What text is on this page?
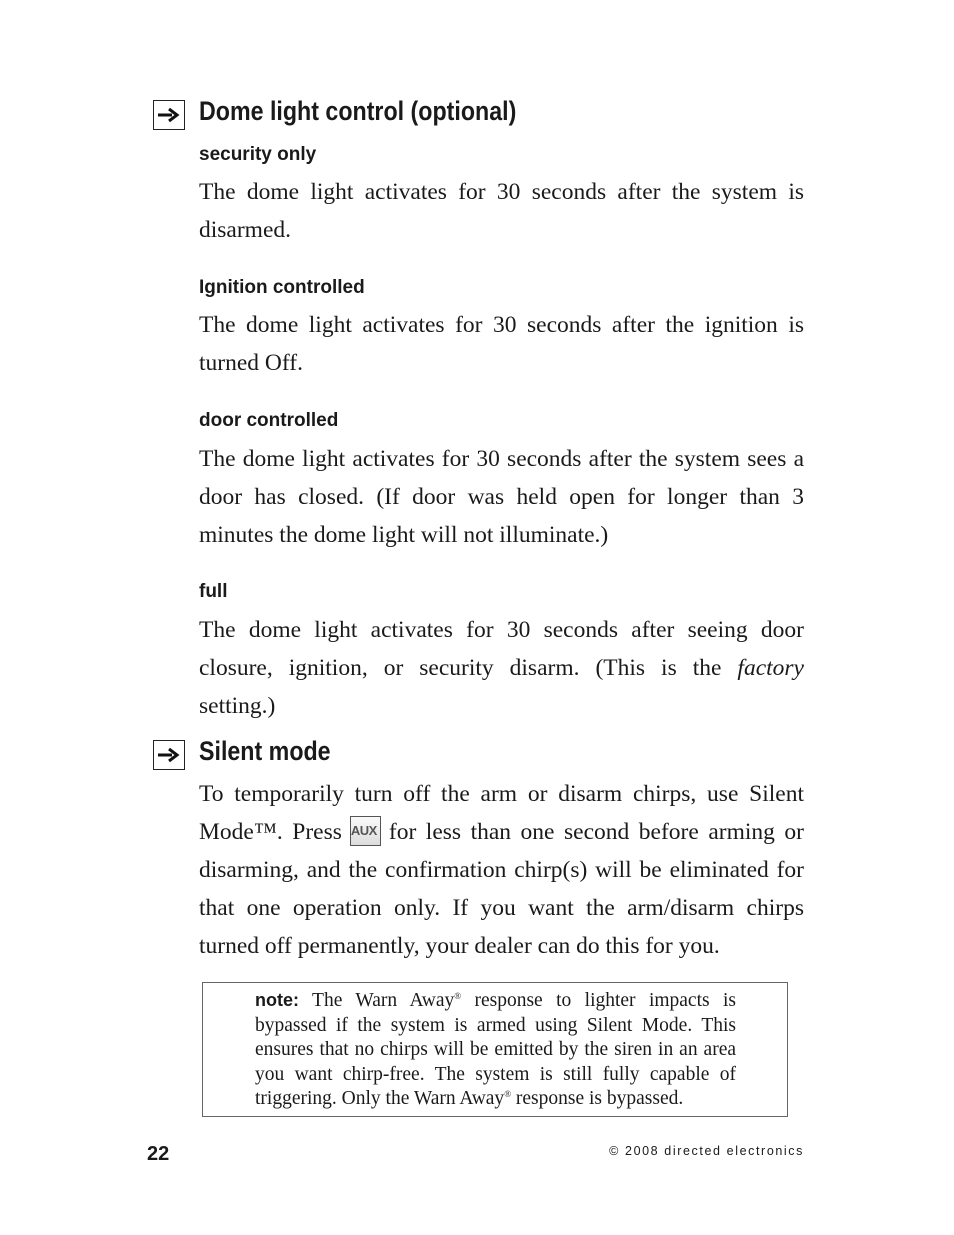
Dome light control (optional)
security only

The dome light activates for 30 seconds after the system is disarmed.

Ignition controlled

The dome light activates for 30 seconds after the ignition is turned Off.

door controlled

The dome light activates for 30 seconds after the system sees a door has closed. (If door was held open for longer than 3 minutes the dome light will not illuminate.)

full

The dome light activates for 30 seconds after seeing door closure, ignition, or security disarm. (This is the factory setting.)

Silent mode

To temporarily turn off the arm or disarm chirps, use Silent Mode™. Press AUX for less than one second before arming or disarming, and the confirmation chirp(s) will be eliminated for that one operation only. If you want the arm/disarm chirps turned off permanently, your dealer can do this for you.

note: The Warn Away® response to lighter impacts is bypassed if the system is armed using Silent Mode. This ensures that no chirps will be emitted by the siren in an area you want chirp-free. The system is still fully capable of triggering. Only the Warn Away® response is bypassed.

22	© 2008 directed electronics
